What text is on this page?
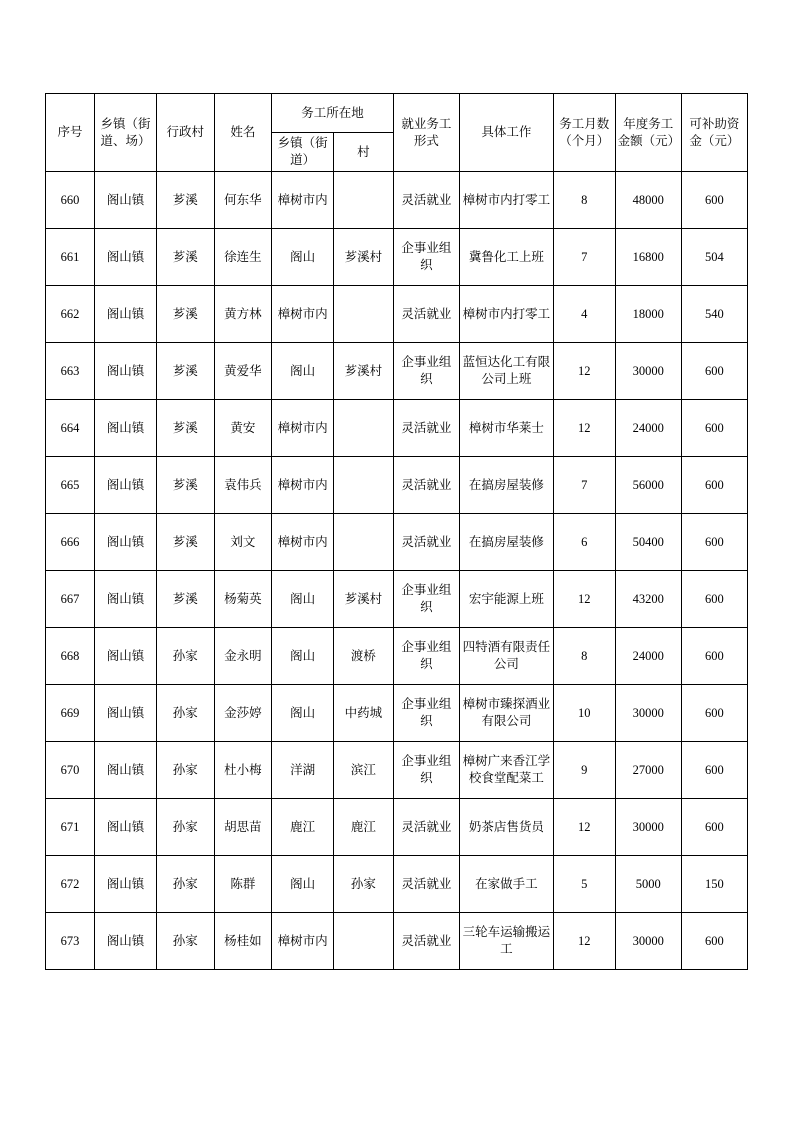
序号	乡镇（街道、场）	行政村	姓名	务工所在地		就业务工形式	具体工作	务工月数（个月）	年度务工金额（元）	可补助资金（元）
				乡镇（街道）	村					
660	阁山镇	芗溪	何东华	樟树市内		灵活就业	樟树市内打零工	8	48000	600
661	阁山镇	芗溪	徐连生	阁山	芗溪村	企事业组织	冀鲁化工上班	7	16800	504
662	阁山镇	芗溪	黄方林	樟树市内		灵活就业	樟树市内打零工	4	18000	540
663	阁山镇	芗溪	黄爱华	阁山	芗溪村	企事业组织	蓝恒达化工有限公司上班	12	30000	600
664	阁山镇	芗溪	黄安	樟树市内		灵活就业	樟树市华莱士	12	24000	600
665	阁山镇	芗溪	袁伟兵	樟树市内		灵活就业	在搞房屋装修	7	56000	600
666	阁山镇	芗溪	刘文	樟树市内		灵活就业	在搞房屋装修	6	50400	600
667	阁山镇	芗溪	杨菊英	阁山	芗溪村	企事业组织	宏宇能源上班	12	43200	600
668	阁山镇	孙家	金永明	阁山	渡桥	企事业组织	四特酒有限责任公司	8	24000	600
669	阁山镇	孙家	金莎婷	阁山	中药城	企事业组织	樟树市臻探酒业有限公司	10	30000	600
670	阁山镇	孙家	杜小梅	洋湖	滨江	企事业组织	樟树广来香江学校食堂配菜工	9	27000	600
671	阁山镇	孙家	胡思苗	鹿江	鹿江	灵活就业	奶茶店售货员	12	30000	600
672	阁山镇	孙家	陈群	阁山	孙家	灵活就业	在家做手工	5	5000	150
673	阁山镇	孙家	杨桂如	樟树市内		灵活就业	三轮车运输搬运工	12	30000	600
